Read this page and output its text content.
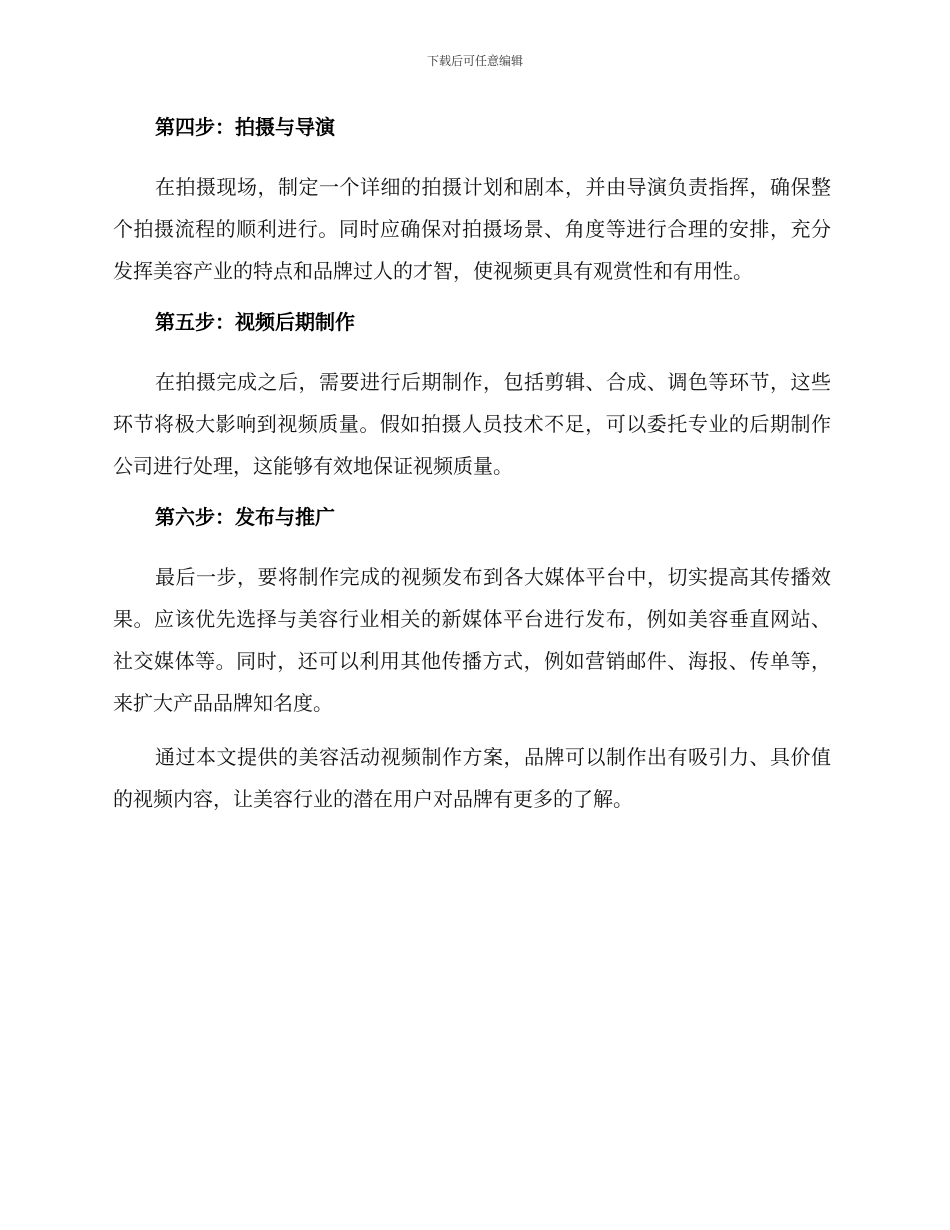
下载后可任意编辑
第四步：拍摄与导演

在拍摄现场，制定一个详细的拍摄计划和剧本，并由导演负责指挥，确保整个拍摄流程的顺利进行。同时应确保对拍摄场景、角度等进行合理的安排，充分发挥美容产业的特点和品牌过人的才智，使视频更具有观赏性和有用性。

第五步：视频后期制作

在拍摄完成之后，需要进行后期制作，包括剪辑、合成、调色等环节，这些环节将极大影响到视频质量。假如拍摄人员技术不足，可以委托专业的后期制作公司进行处理，这能够有效地保证视频质量。

第六步：发布与推广

最后一步，要将制作完成的视频发布到各大媒体平台中，切实提高其传播效果。应该优先选择与美容行业相关的新媒体平台进行发布，例如美容垂直网站、社交媒体等。同时，还可以利用其他传播方式，例如营销邮件、海报、传单等，来扩大产品品牌知名度。

通过本文提供的美容活动视频制作方案，品牌可以制作出有吸引力、具价值的视频内容，让美容行业的潜在用户对品牌有更多的了解。
